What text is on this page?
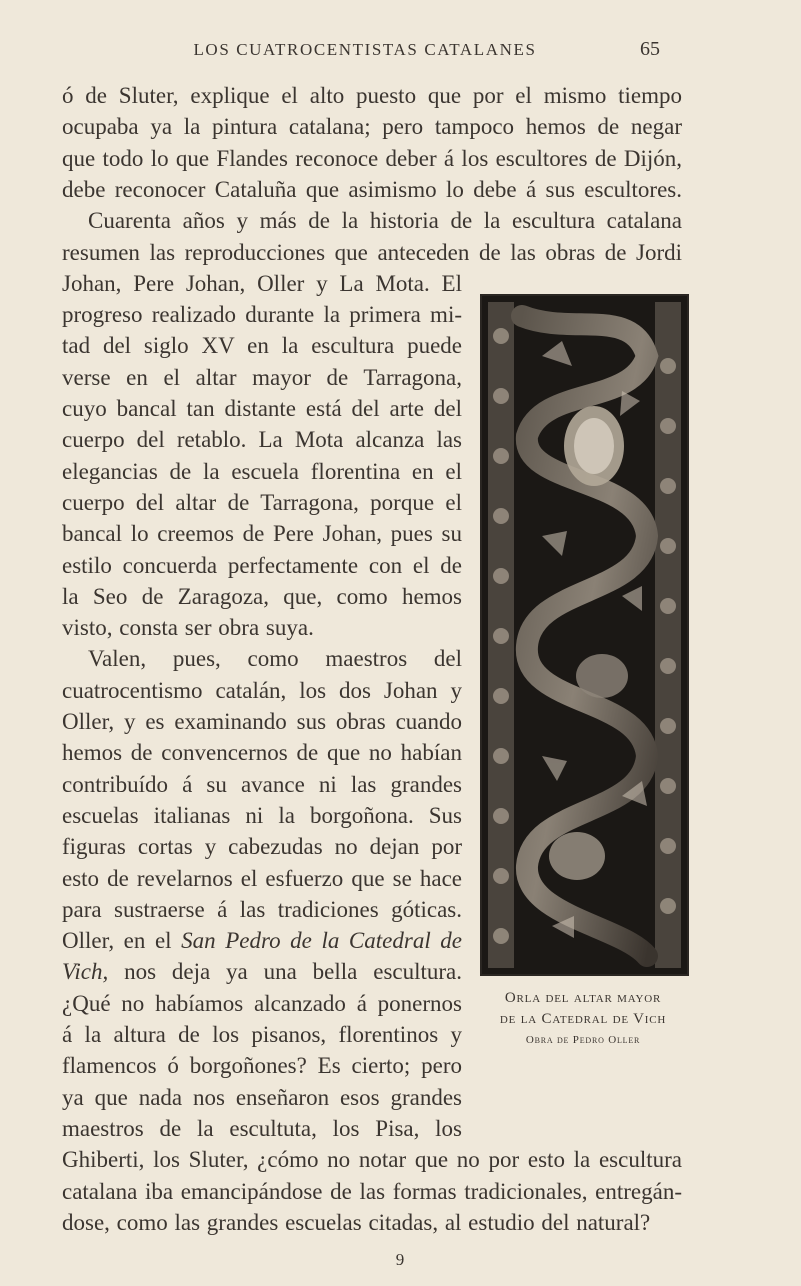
LOS CUATROCENTISTAS CATALANES	65
ó de Sluter, explique el alto puesto que por el mismo tiempo
ocupaba ya la pintura catalana; pero tampoco hemos de negar
que todo lo que Flandes reconoce deber á los escultores de Dijón,
debe reconocer Cataluña que asimismo lo debe á sus escultores.
Cuarenta años y más de la historia de la escultura catalana
resumen las reproducciones que anteceden de las obras de Jordi
Johan, Pere Johan, Oller y La Mota. El
progreso realizado durante la primera mi-
tad del siglo XV en la escultura puede
verse en el altar mayor de Tarragona,
cuyo bancal tan distante está del arte del
cuerpo del retablo. La Mota alcanza las
elegancias de la escuela florentina en el
cuerpo del altar de Tarragona, porque el
bancal lo creemos de Pere Johan, pues su
estilo concuerda perfectamente con el de
la Seo de Zaragoza, que, como hemos
visto, consta ser obra suya.
Valen, pues, como maestros del
cuatrocentismo catalán, los dos Johan y
Oller, y es examinando sus obras cuando
hemos de convencernos de que no habían
contribuído á su avance ni las grandes
escuelas italianas ni la borgoñona. Sus
figuras cortas y cabezudas no dejan por
esto de revelarnos el esfuerzo que se hace
para sustraerse á las tradiciones góticas.
Oller, en el San Pedro de la Catedral de
Vich, nos deja ya una bella escultura.
¿Qué no habíamos alcanzado á ponernos
á la altura de los pisanos, florentinos y
flamencos ó borgoñones? Es cierto; pero
ya que nada nos enseñaron esos grandes
maestros de la escultuta, los Pisa, los
Ghiberti, los Sluter, ¿cómo no notar que no por esto la escultura
catalana iba emancipándose de las formas tradicionales, entregán-
dose, como las grandes escuelas citadas, al estudio del natural?
Orla del altar mayor
de la Catedral de Vich
Obra de Pedro Oller
9
